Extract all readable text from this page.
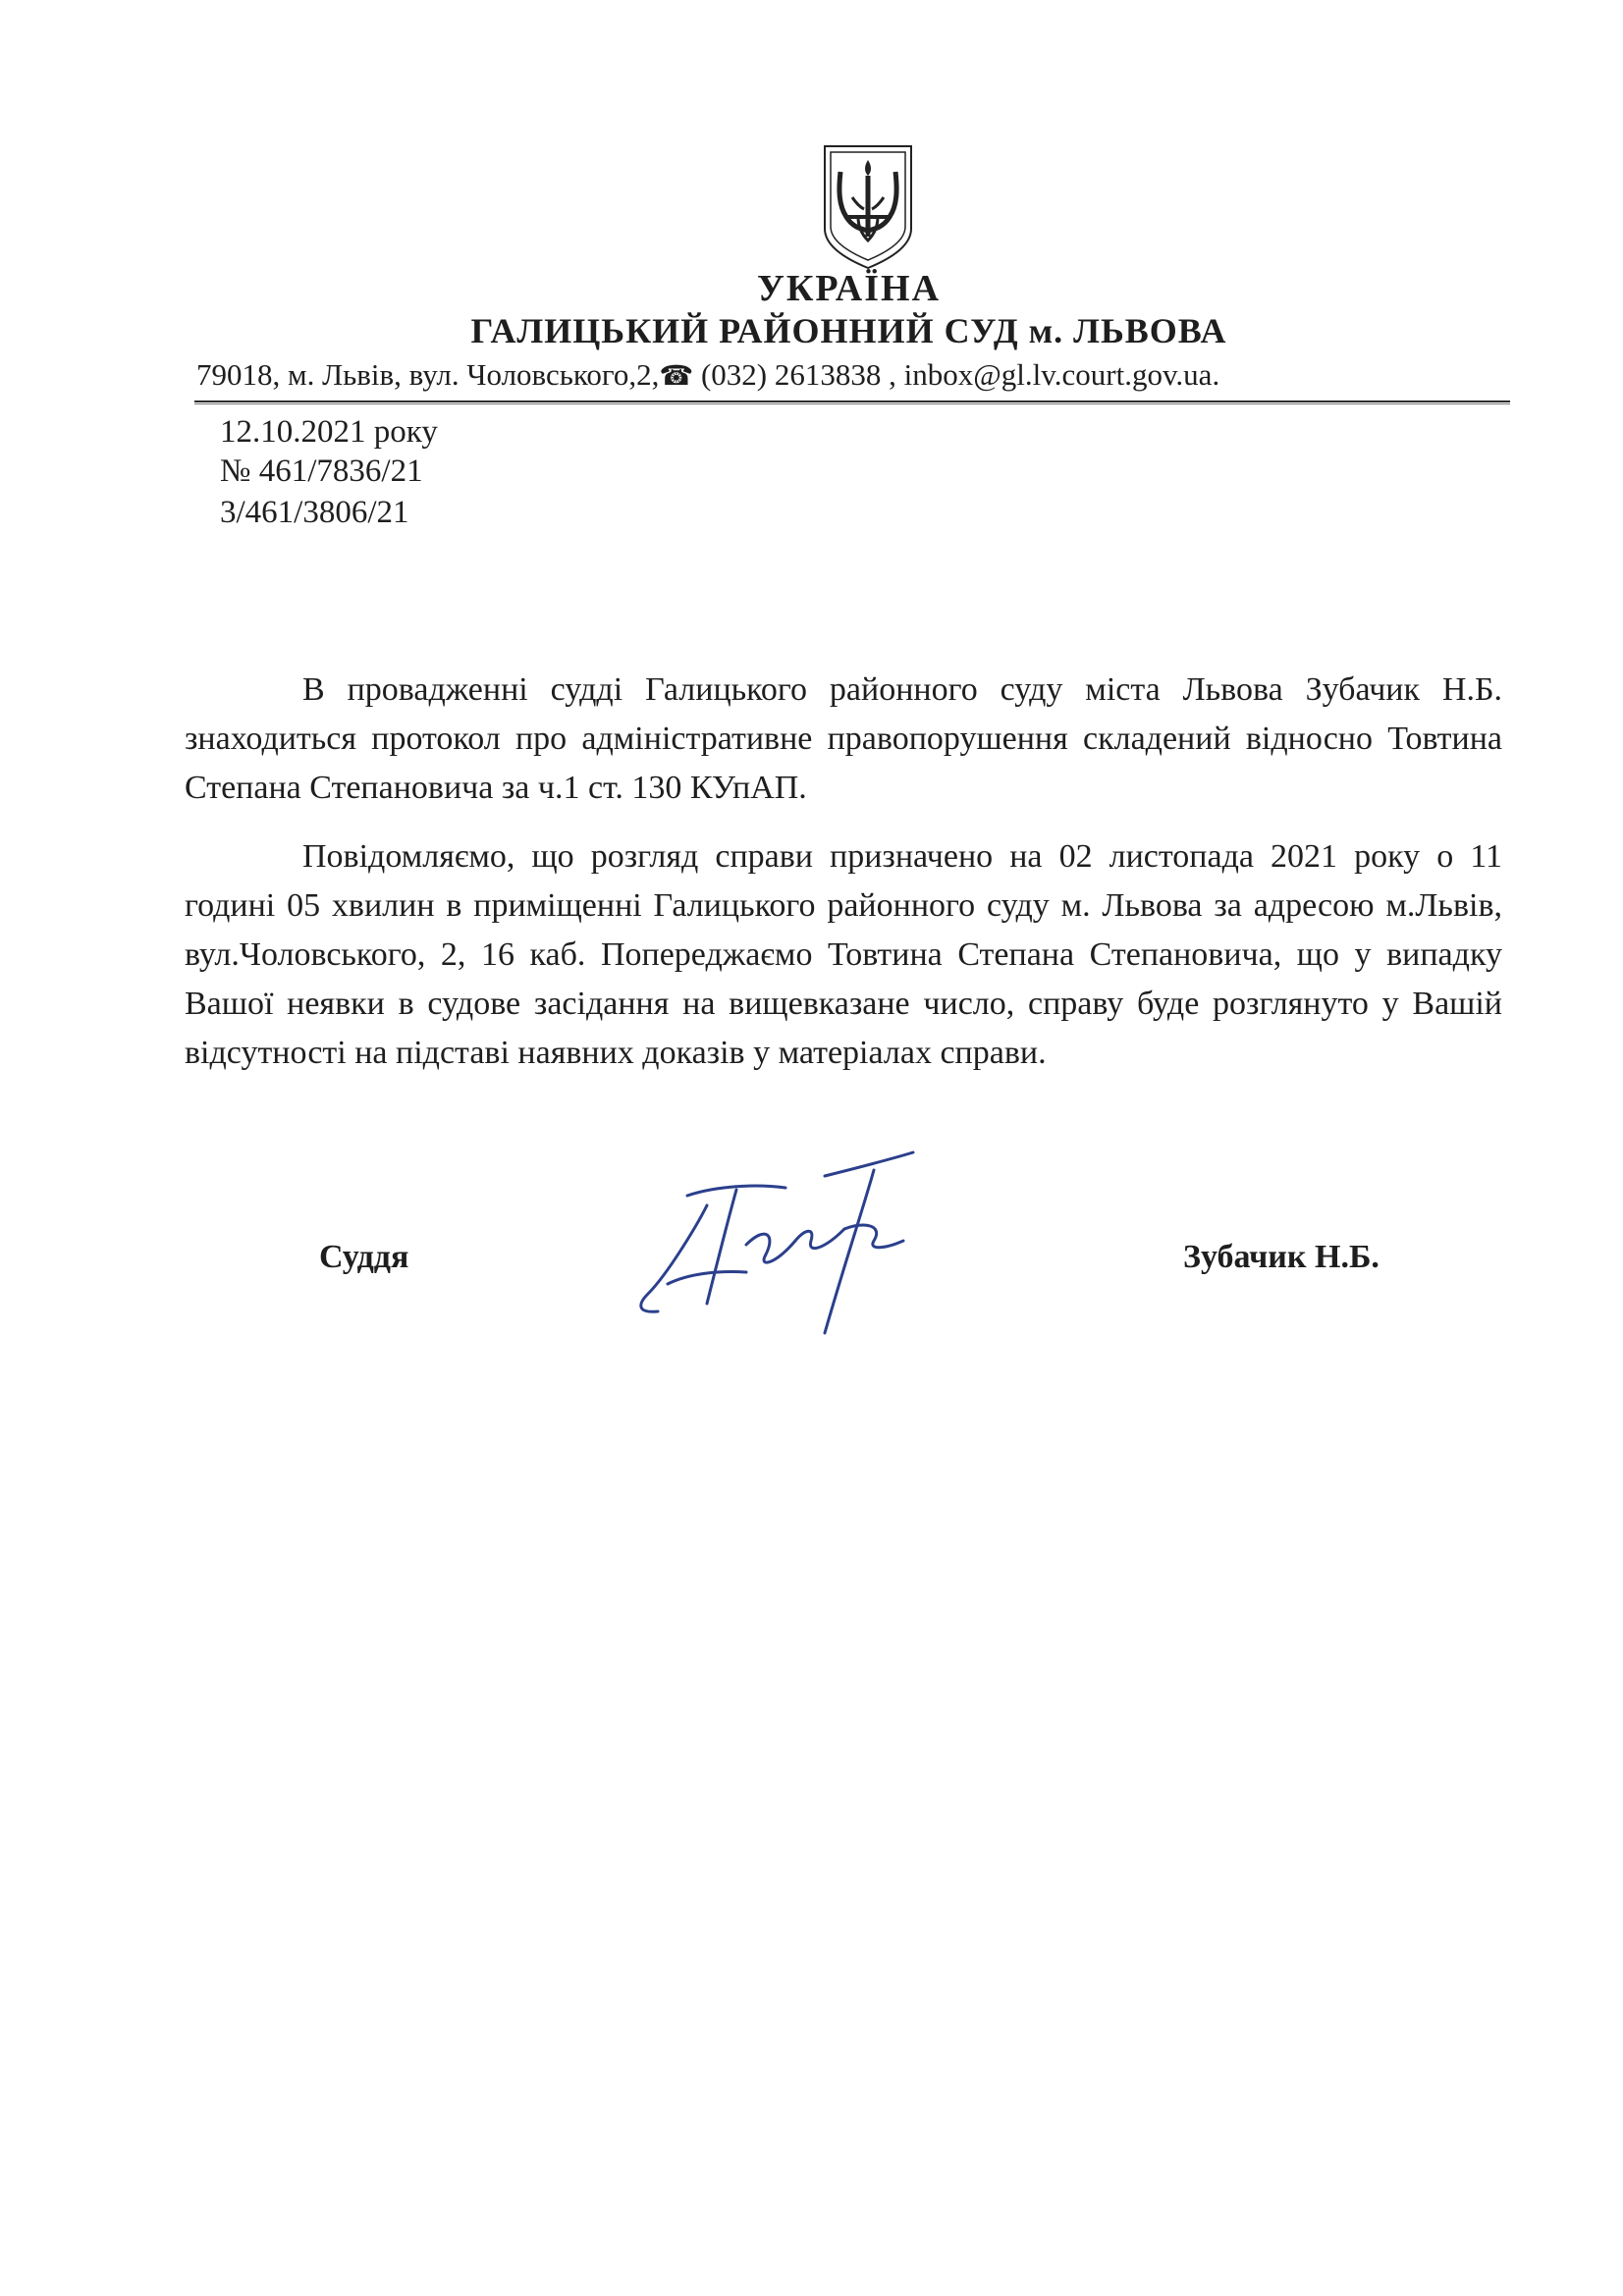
УКРАЇНА
ГАЛИЦЬКИЙ РАЙОННИЙ СУД м. ЛЬВОВА
79018, м. Львів, вул. Чоловського,2,☎ (032) 2613838 , inbox@gl.lv.court.gov.ua.
12.10.2021 року
№ 461/7836/21
3/461/3806/21
В провадженні судді Галицького районного суду міста Львова Зубачик Н.Б. знаходиться протокол про адміністративне правопорушення складений відносно Товтина Степана Степановича за ч.1 ст. 130 КУпАП.
Повідомляємо, що розгляд справи призначено на 02 листопада 2021 року о 11 годині 05 хвилин в приміщенні Галицького районного суду м. Львова за адресою м.Львів, вул.Чоловського, 2, 16 каб. Попереджаємо Товтина Степана Степановича, що у випадку Вашої неявки в судове засідання на вищевказане число, справу буде розглянуто у Вашій відсутності на підставі наявних доказів у матеріалах справи.
Суддя	Зубачик Н.Б.
